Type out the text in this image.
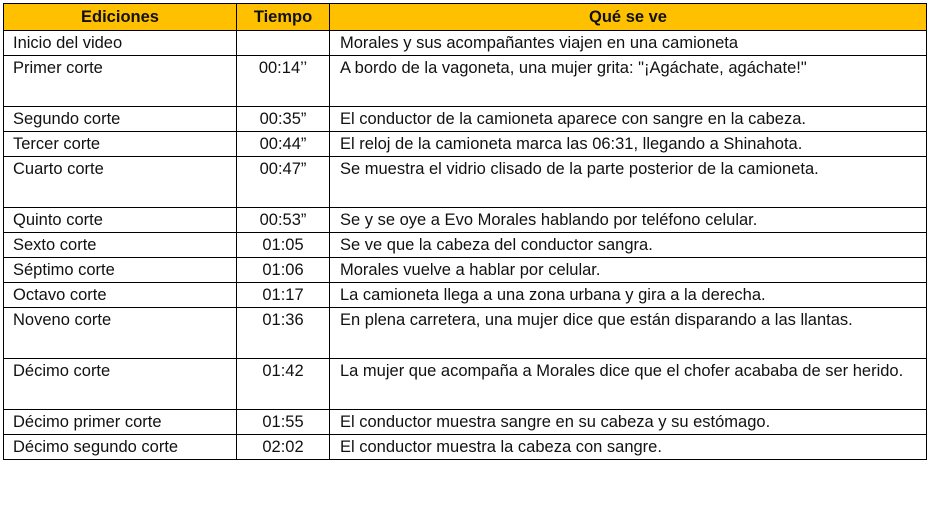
Ediciones	Tiempo	Qué se ve
Inicio del video		Morales y sus acompañantes viajen en una camioneta
Primer corte	00:14’’	A bordo de la vagoneta, una mujer grita: "¡Agáchate, agáchate!"
Segundo corte	00:35”	El conductor de la camioneta aparece con sangre en la cabeza.
Tercer corte	00:44”	El reloj de la camioneta marca las 06:31, llegando a Shinahota.
Cuarto corte	00:47”	Se muestra el vidrio clisado de la parte posterior de la camioneta.
Quinto corte	00:53”	Se y se oye a Evo Morales hablando por teléfono celular.
Sexto corte	01:05	Se ve que la cabeza del conductor sangra.
Séptimo corte	01:06	Morales vuelve a hablar por celular.
Octavo corte	01:17	La camioneta llega a una zona urbana y gira a la derecha.
Noveno corte	01:36	En plena carretera, una mujer dice que están disparando a las llantas.
Décimo corte	01:42	La mujer que acompaña a Morales dice que el chofer acababa de ser herido.
Décimo primer corte	01:55	El conductor muestra sangre en su cabeza y su estómago.
Décimo segundo corte	02:02	El conductor muestra la cabeza con sangre.
